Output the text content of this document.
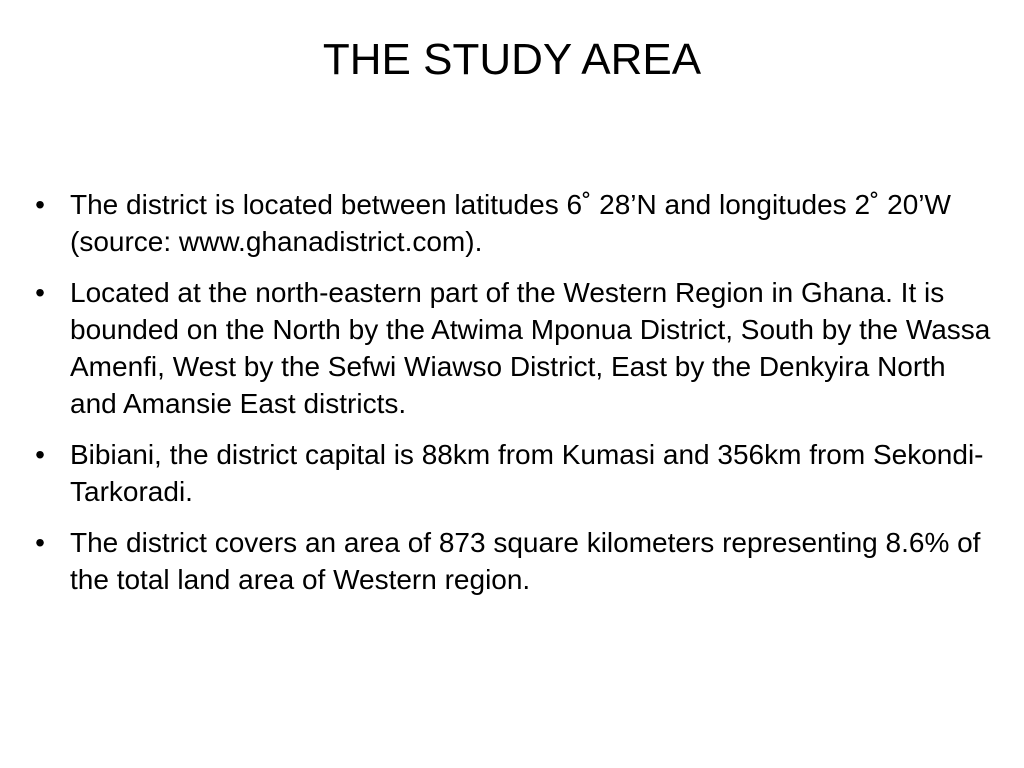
THE STUDY AREA
• The district is located between latitudes 6˚ 28’N and longitudes 2˚ 20’W (source: www.ghanadistrict.com).
• Located at the north-eastern part of the Western Region in Ghana. It is bounded on the North by the Atwima Mponua District, South by the Wassa Amenfi, West by the Sefwi Wiawso District, East by the Denkyira North and Amansie East districts.
• Bibiani, the district capital is 88km from Kumasi and 356km from Sekondi-Tarkoradi.
• The district covers an area of 873 square kilometers representing 8.6% of the total land area of Western region.
